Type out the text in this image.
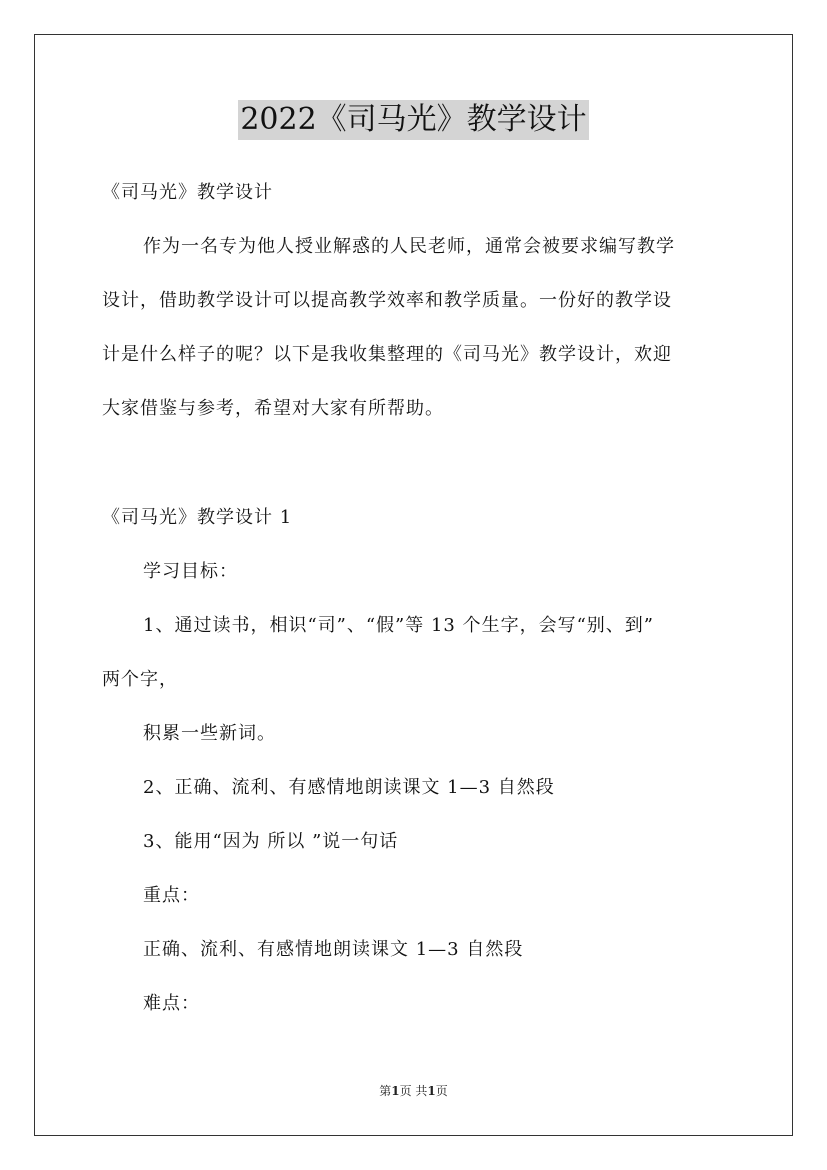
2022《司马光》教学设计
《司马光》教学设计
作为一名专为他人授业解惑的人民老师，通常会被要求编写教学
设计，借助教学设计可以提高教学效率和教学质量。一份好的教学设
计是什么样子的呢？以下是我收集整理的《司马光》教学设计，欢迎
大家借鉴与参考，希望对大家有所帮助。
《司马光》教学设计 1
学习目标：
1、通过读书，相识“司”、“假”等 13 个生字，会写“别、到”
两个字，
积累一些新词。
2、正确、流利、有感情地朗读课文 1—3 自然段
3、能用“因为 所以 ”说一句话
重点：
正确、流利、有感情地朗读课文 1—3 自然段
难点：
第1页 共1页
